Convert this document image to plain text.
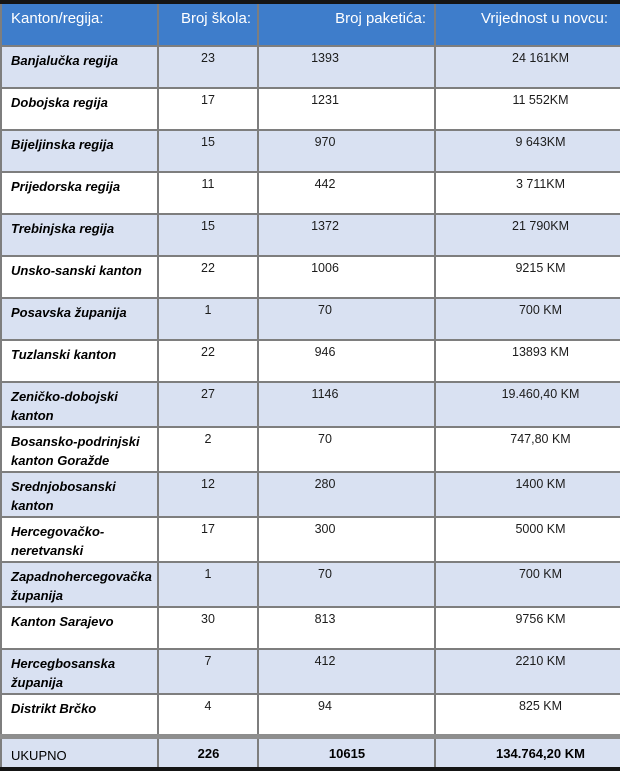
Kanton/regija:	Broj škola:	Broj paketića:	Vrijednost u novcu:
Banjalučka regija	23	1393	24 161KM
Dobojska regija	17	1231	11 552KM
Bijeljinska regija	15	970	9 643KM
Prijedorska regija	11	442	3 711KM
Trebinjska regija	15	1372	21 790KM
Unsko-sanski kanton	22	1006	9215 KM
Posavska županija	1	70	700 KM
Tuzlanski kanton	22	946	13893 KM
Zeničko-dobojski kanton	27	1146	19.460,40 KM
Bosansko-podrinjski kanton Goražde	2	70	747,80 KM
Srednjobosanski kanton	12	280	1400 KM
Hercegovačko-neretvanski	17	300	5000 KM
Zapadnohercegovačka županija	1	70	700 KM
Kanton Sarajevo	30	813	9756 KM
Hercegbosanska županija	7	412	2210 KM
Distrikt Brčko	4	94	825 KM
UKUPNO	226	10615	134.764,20 KM
